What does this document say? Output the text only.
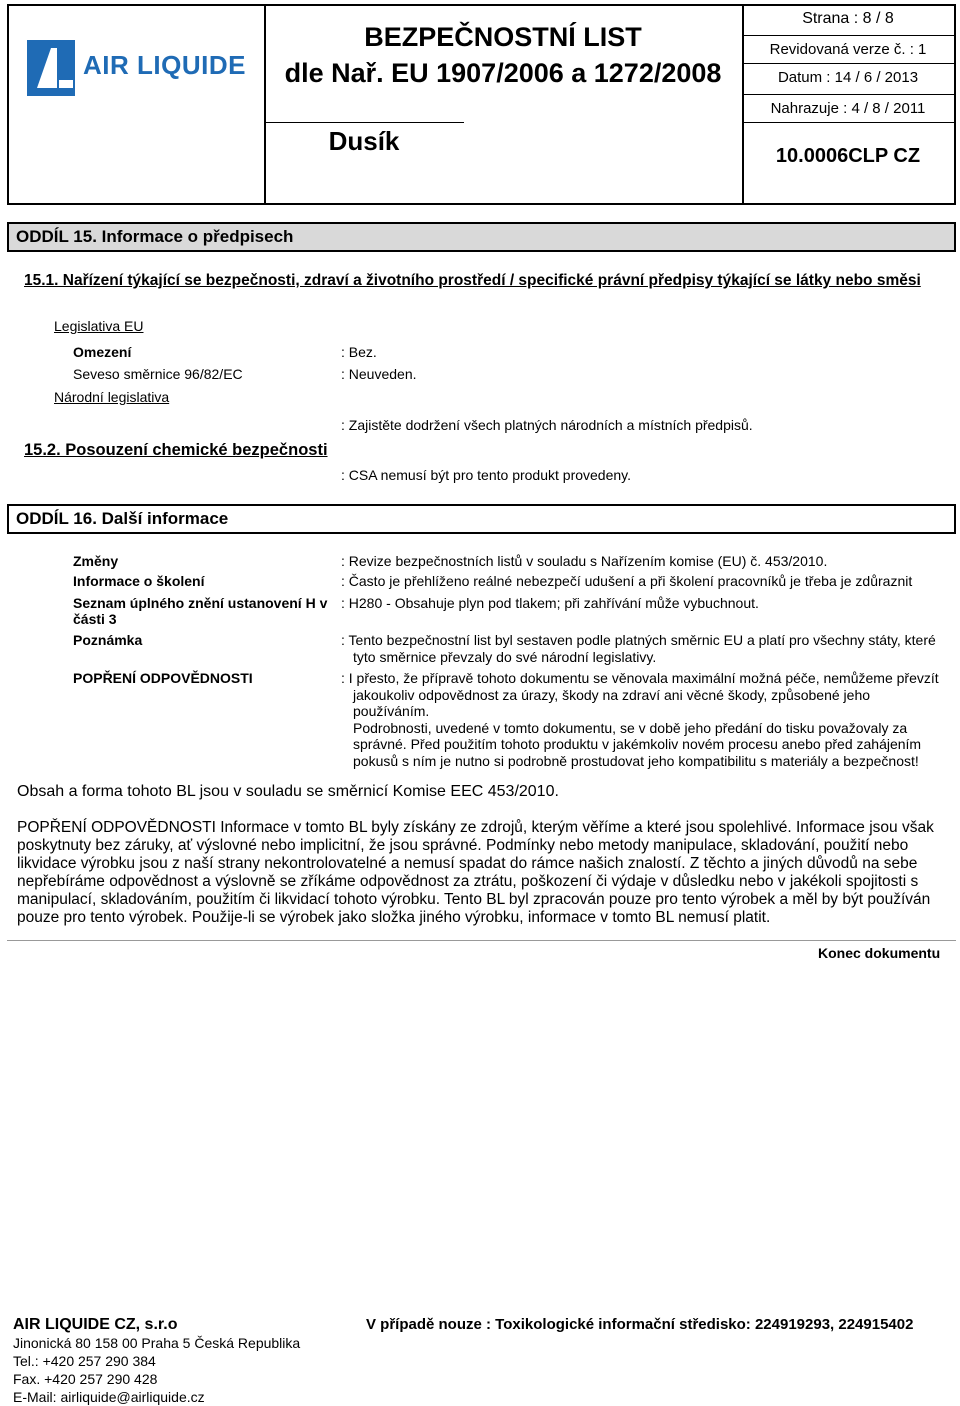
AIR LIQUIDE
BEZPEČNOSTNÍ LIST
dle Nař. EU 1907/2006 a 1272/2008
Dusík
Strana : 8 / 8
Revidovaná verze č. : 1
Datum : 14 / 6 / 2013
Nahrazuje : 4 / 8 / 2011
10.0006CLP CZ
ODDÍL 15. Informace o předpisech
15.1. Nařízení týkající se bezpečnosti, zdraví a životního prostředí / specifické právní předpisy týkající se látky nebo směsi
Legislativa EU
Omezení	: Bez.
Seveso směrnice 96/82/EC	: Neuveden.
Národní legislativa
: Zajistěte dodržení všech platných národních a místních předpisů.
15.2. Posouzení chemické bezpečnosti
: CSA nemusí být pro tento produkt provedeny.
ODDÍL 16. Další informace
Změny	: Revize bezpečnostních listů v souladu s Nařízením komise (EU) č. 453/2010.
Informace o školení	: Často je přehlíženo reálné nebezpečí udušení a při školení pracovníků je třeba je zdůraznit
Seznam úplného znění ustanovení H v části 3
: H280 - Obsahuje plyn pod tlakem; při zahřívání může vybuchnout.
Poznámka	: Tento bezpečnostní list byl sestaven podle platných směrnic EU a platí pro všechny státy, které tyto směrnice převzaly do své národní legislativy.
POPŘENÍ ODPOVĚDNOSTI	: I přesto, že přípravě tohoto dokumentu se věnovala maximální možná péče, nemůžeme převzít jakoukoliv odpovědnost za úrazy, škody na zdraví ani věcné škody, způsobené jeho používáním.
Podrobnosti, uvedené v tomto dokumentu, se v době jeho předání do tisku považovaly za správné. Před použitím tohoto produktu v jakémkoliv novém procesu anebo před zahájením pokusů s ním je nutno si podrobně prostudovat jeho kompatibilitu s materiály a bezpečnost!
Obsah a forma tohoto BL jsou v souladu se směrnicí Komise EEC 453/2010.
POPŘENÍ ODPOVĚDNOSTI Informace v tomto BL byly získány ze zdrojů, kterým věříme a které jsou spolehlivé. Informace jsou však poskytnuty bez záruky, ať výslovné nebo implicitní, že jsou správné. Podmínky nebo metody manipulace, skladování, použití nebo likvidace výrobku jsou z naší strany nekontrolovatelné a nemusí spadat do rámce našich znalostí. Z těchto a jiných důvodů na sebe nepřebíráme odpovědnost a výslovně se zříkáme odpovědnost za ztrátu, poškození či výdaje v důsledku nebo v jakékoli spojitosti s manipulací, skladováním, použitím či likvidací tohoto výrobku. Tento BL byl zpracován pouze pro tento výrobek a měl by být používán pouze pro tento výrobek. Použije-li se výrobek jako složka jiného výrobku, informace v tomto BL nemusí platit.
Konec dokumentu
AIR LIQUIDE CZ, s.r.o	V případě nouze : Toxikologické informační středisko: 224919293, 224915402
Jinonická 80 158 00 Praha 5 Česká Republika
Tel.: +420 257 290 384
Fax. +420 257 290 428
E-Mail: airliquide@airliquide.cz
